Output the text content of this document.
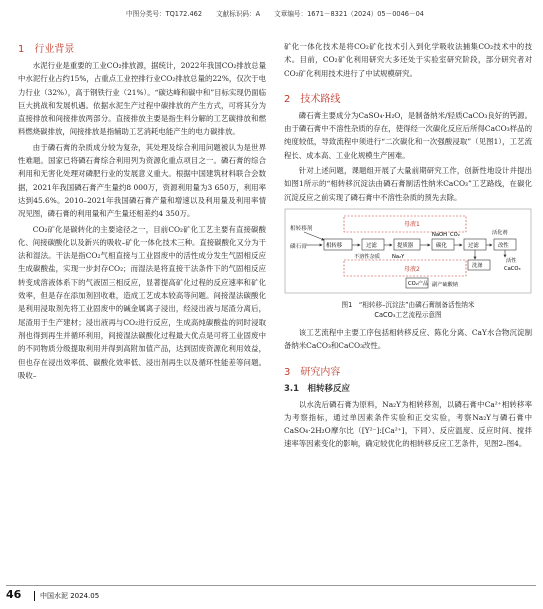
中图分类号：TQ172.462 文献标识码：A 文章编号：1671－8321（2024）05－0046－04
1　行业背景

水泥行业是重要的工业CO₂排放源，据统计，2022年我国CO₂排放总量中水泥行业占约15%，占重点工业控排行业CO₂排放总量的22%，仅次于电力行业（32%），高于钢铁行业（21%）。“碳达峰和碳中和”目标实现仍面临巨大挑战和发展机遇。依据水泥生产过程中碳排放的产生方式，可将其分为直接排放和间接排放两部分。直接排放主要是指生料分解的工艺碳排放和燃料燃烧碳排放，间接排放是指辅助工艺消耗电能产生的电力碳排放。

由于磷石膏的杂质成分较为复杂，其处理及综合利用问题被认为是世界性难题。国家已将磷石膏综合利用列为资源化重点项目之一。磷石膏的综合利用和无害化处理对磷肥行业的发展意义重大。根据中国建筑材料联合会数据，2021年我国磷石膏产生量约8 000万，资源利用量为3 650万，利用率达到45.6%。2010–2021年我国磷石膏产量和增速以及利用量及利用率情况见图，磷石膏的利用量和产生量还相差约4 350万。

CO₂矿化是碳转化的主要途径之一，目前CO₂矿化工艺主要有直接碳酸化、间接碳酸化以及新兴的吸收–矿化一体化技术三种。直接碳酸化又分为干法和湿法。干法是指CO₂气相直接与工业固废中的活性成分发生气固相反应生成碳酸盐，实现一步封存CO₂；而湿法是将直接干法条件下的气固相反应转变成溶液体系下的气液固三相反应，显著提高矿化过程的反应速率和矿化效率，但是存在添加剂回收难，造成工艺成本较高等问题。间接湿法碳酸化是利用浸取剂先将工业固废中的碱金属离子浸出，经浸出液与尾渣分离后，尾渣用于生产建材；浸出液再与CO₂进行反应，生成高纯碳酸盐的同时浸取剂也得到再生并循环利用，间接湿法碳酸化过程最大优点是可将工业固废中的不同物质分级提取利用并得到高附加值产品，达到固废资源化利用效益，但也存在浸出效率低、碳酸化效率低、浸出剂再生以及循环性能差等问题。吸收–

矿化一体化技术是将CO₂矿化技术引入到化学吸收法捕集CO₂技术中的技术。目前，CO₂矿化利用研究大多还处于实验室研究阶段，部分研究者对CO₂矿化利用技术进行了中试规模研究。

2　技术路线

磷石膏主要成分为CaSO₄·H₂O，是制备纳米/轻质CaCO₃良好的钙源。由于磷石膏中不溶性杂质的存在，使得经一次碳化反应后所得CaCO₃样品的纯度较低，导致流程中须进行“二次碳化和一次强酸浸取”（见图1），工艺流程长、成本高、工业化规模生产困难。

针对上述问题，课题组开展了大量前期研究工作，创新性地设计并提出如图1所示的“相转移沉淀法由磷石膏制活性纳米CaCO₃”工艺路线，在碳化沉淀反应之前实现了磷石膏中不溶性杂质的预先去除。

母液1
母液2
相转移剂
磷石膏	相转移	过滤	提质器	碳化	过滤	改性
NaOH CO₂	活化剂
不溶性杂质 Na₂Y
洗涤
CO₂产品 副产硫酸钠
活性
CaCO₃
图1　“相转移–沉淀法”由磷石膏制备活性纳米
CaCO₃工艺流程示意图

该工艺流程中主要工序包括相转移反应、陈化分离、CaY水合物沉淀制备纳米CaCO₃和CaCO₃改性。

3　研究内容
3.1　相转移反应

以水洗后磷石膏为原料，Na₂Y为相转移剂，以磷石膏中Ca²⁺相转移率为考察指标，通过单因素条件实验和正交实验，考察Na₂Y与磷石膏中CaSO₄·2H₂O摩尔比（[Y²⁻]:[Ca²⁺]，下同）、反应温度、反应时间、搅拌速率等因素变化的影响，确定较优化的相转移反应工艺条件，见图2–图4。

46	中国水泥 2024.05
